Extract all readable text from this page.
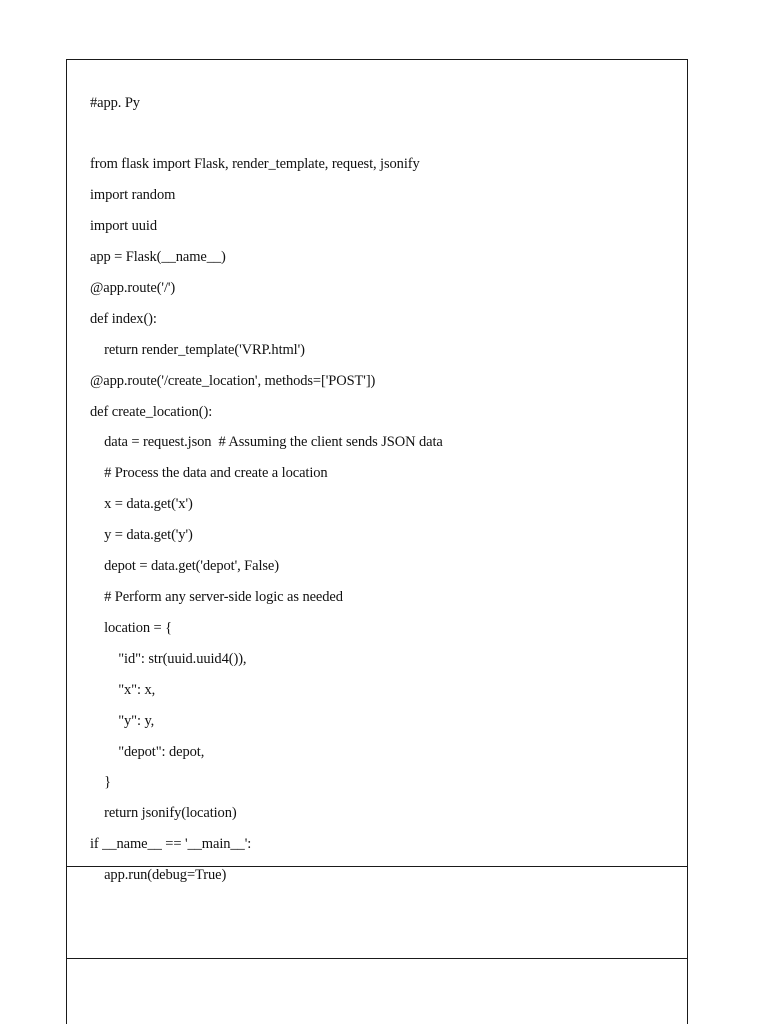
#app. Py
from flask import Flask, render_template, request, jsonify
import random
import uuid
app = Flask(__name__)
@app.route('/')
def index():
return render_template('VRP.html')
@app.route('/create_location', methods=['POST'])
def create_location():
data = request.json  # Assuming the client sends JSON data
# Process the data and create a location
x = data.get('x')
y = data.get('y')
depot = data.get('depot', False)
# Perform any server-side logic as needed
location = {
"id": str(uuid.uuid4()),
"x": x,
"y": y,
"depot": depot,
}
return jsonify(location)
if __name__ == '__main__':
app.run(debug=True)
